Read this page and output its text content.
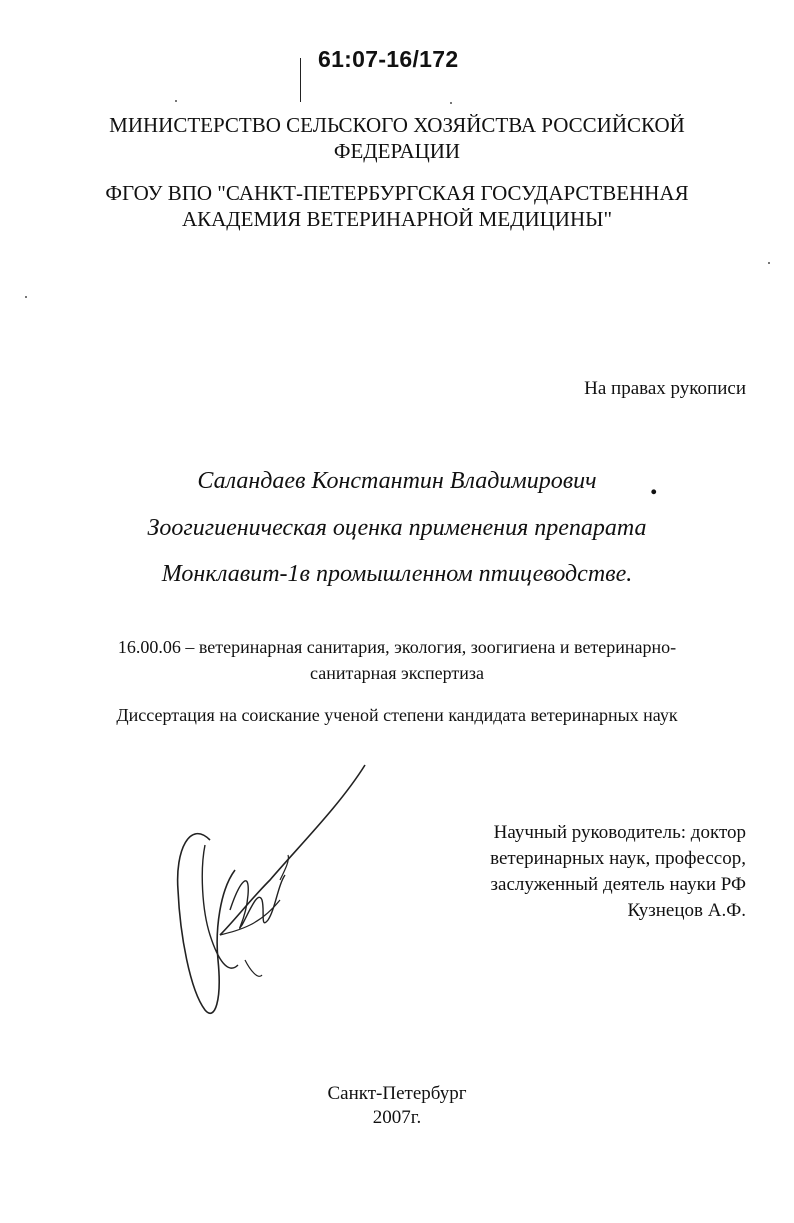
61:07-16/172
МИНИСТЕРСТВО СЕЛЬСКОГО ХОЗЯЙСТВА РОССИЙСКОЙ
ФЕДЕРАЦИИ
ФГОУ ВПО "САНКТ-ПЕТЕРБУРГСКАЯ ГОСУДАРСТВЕННАЯ
АКАДЕМИЯ ВЕТЕРИНАРНОЙ МЕДИЦИНЫ"
На правах рукописи
Саландаев Константин Владимирович	.
Зоогигиеническая оценка применения препарата
Монклавит-1в промышленном птицеводстве.
16.00.06 – ветеринарная санитария, экология, зоогигиена и ветеринарно-
санитарная экспертиза
Диссертация на соискание ученой степени кандидата ветеринарных наук
Научный руководитель: доктор
ветеринарных наук, профессор,
заслуженный деятель науки РФ
Кузнецов А.Ф.
Санкт-Петербург
2007г.
